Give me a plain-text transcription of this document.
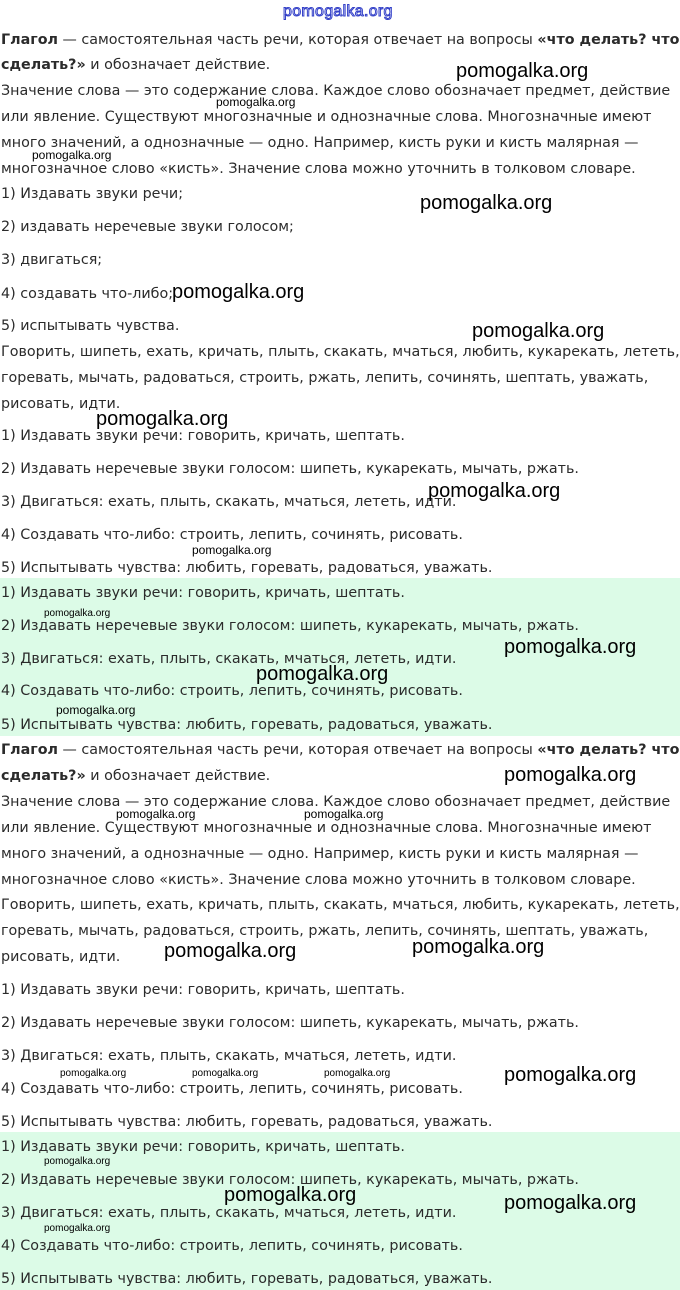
pomogalka.org
Глагол — самостоятельная часть речи, которая отвечает на вопросы «что делать? что
сделать?» и обозначает действие.
Значение слова — это содержание слова. Каждое слово обозначает предмет, действие
или явление. Существуют многозначные и однозначные слова. Многозначные имеют
много значений, а однозначные — одно. Например, кисть руки и кисть малярная —
многозначное слово «кисть». Значение слова можно уточнить в толковом словаре.
1) Издавать звуки речи;
2) издавать неречевые звуки голосом;
3) двигаться;
4) создавать что-либо;
5) испытывать чувства.
Говорить, шипеть, ехать, кричать, плыть, скакать, мчаться, любить, кукарекать, лететь,
горевать, мычать, радоваться, строить, ржать, лепить, сочинять, шептать, уважать,
рисовать, идти.
1) Издавать звуки речи: говорить, кричать, шептать.
2) Издавать неречевые звуки голосом: шипеть, кукарекать, мычать, ржать.
3) Двигаться: ехать, плыть, скакать, мчаться, лететь, идти.
4) Создавать что-либо: строить, лепить, сочинять, рисовать.
5) Испытывать чувства: любить, горевать, радоваться, уважать.
1) Издавать звуки речи: говорить, кричать, шептать.
2) Издавать неречевые звуки голосом: шипеть, кукарекать, мычать, ржать.
3) Двигаться: ехать, плыть, скакать, мчаться, лететь, идти.
4) Создавать что-либо: строить, лепить, сочинять, рисовать.
5) Испытывать чувства: любить, горевать, радоваться, уважать.
Глагол — самостоятельная часть речи, которая отвечает на вопросы «что делать? что
сделать?» и обозначает действие.
Значение слова — это содержание слова. Каждое слово обозначает предмет, действие
или явление. Существуют многозначные и однозначные слова. Многозначные имеют
много значений, а однозначные — одно. Например, кисть руки и кисть малярная —
многозначное слово «кисть». Значение слова можно уточнить в толковом словаре.
Говорить, шипеть, ехать, кричать, плыть, скакать, мчаться, любить, кукарекать, лететь,
горевать, мычать, радоваться, строить, ржать, лепить, сочинять, шептать, уважать,
рисовать, идти.
1) Издавать звуки речи: говорить, кричать, шептать.
2) Издавать неречевые звуки голосом: шипеть, кукарекать, мычать, ржать.
3) Двигаться: ехать, плыть, скакать, мчаться, лететь, идти.
4) Создавать что-либо: строить, лепить, сочинять, рисовать.
5) Испытывать чувства: любить, горевать, радоваться, уважать.
1) Издавать звуки речи: говорить, кричать, шептать.
2) Издавать неречевые звуки голосом: шипеть, кукарекать, мычать, ржать.
3) Двигаться: ехать, плыть, скакать, мчаться, лететь, идти.
4) Создавать что-либо: строить, лепить, сочинять, рисовать.
5) Испытывать чувства: любить, горевать, радоваться, уважать.
pomogalka.org
pomogalka.org
pomogalka.org
pomogalka.org
pomogalka.org
pomogalka.org
pomogalka.org
pomogalka.org
pomogalka.org
pomogalka.org
pomogalka.org
pomogalka.org
pomogalka.org
pomogalka.org
pomogalka.org	pomogalka.org
pomogalka.org
pomogalka.org
pomogalka.org	pomogalka.org	pomogalka.org	pomogalka.org
pomogalka.org
pomogalka.org	pomogalka.org
pomogalka.org
